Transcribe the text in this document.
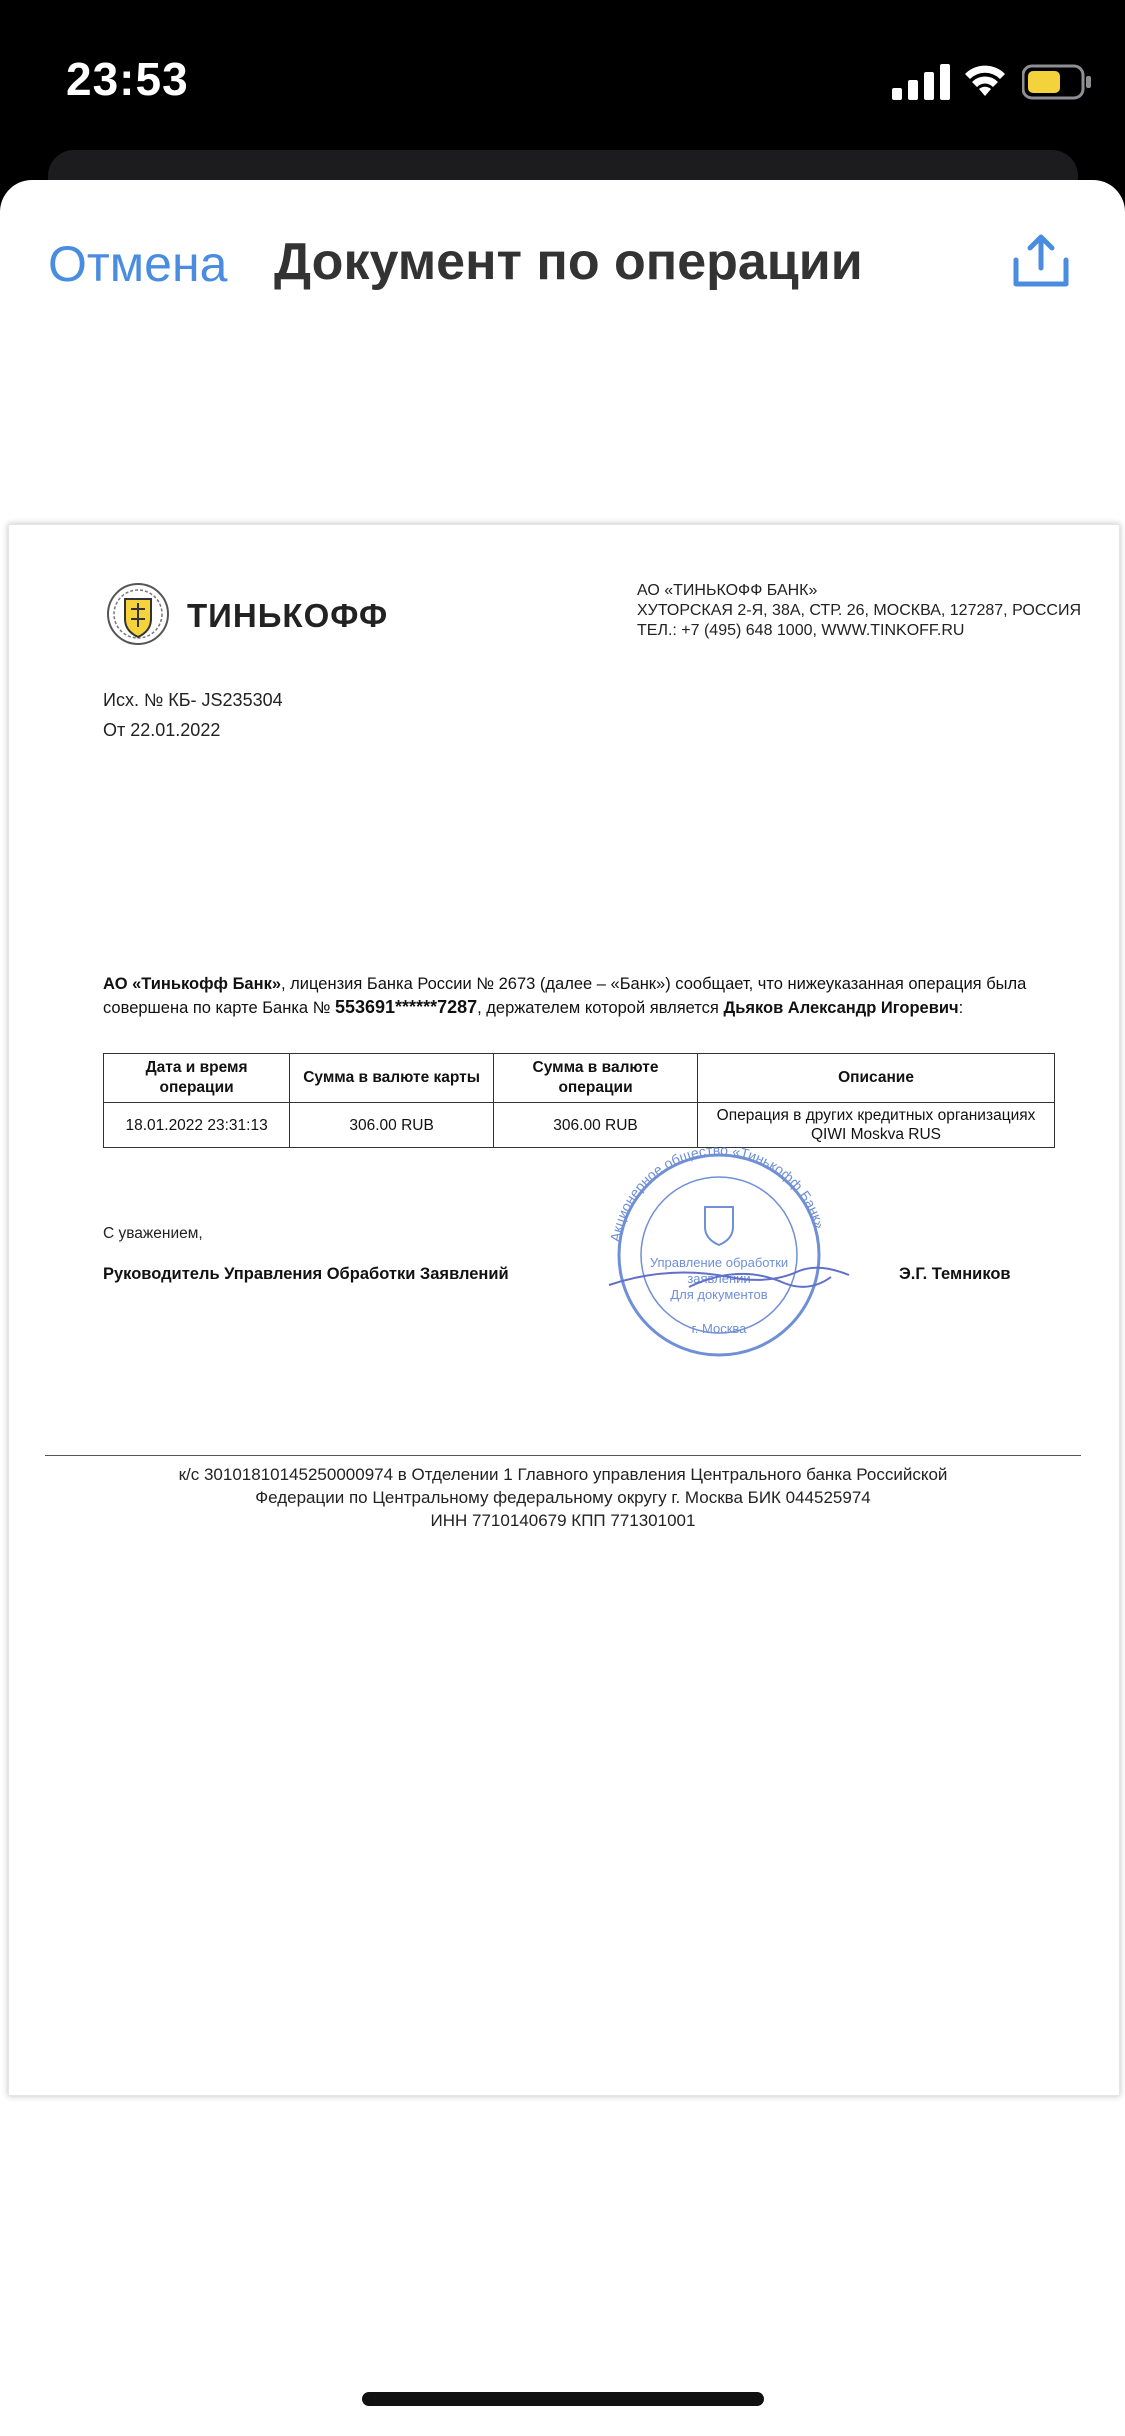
23:53
Отмена Документ по операции
ТИНЬКОФФ
АО «ТИНЬКОФФ БАНК»
ХУТОРСКАЯ 2-Я, 38А, СТР. 26, МОСКВА, 127287, РОССИЯ
ТЕЛ.: +7 (495) 648 1000, WWW.TINKOFF.RU
Исх. № КБ- JS235304
От 22.01.2022
АО «Тинькофф Банк», лицензия Банка России № 2673 (далее – «Банк») сообщает, что нижеуказанная операция была совершена по карте Банка № 553691******7287, держателем которой является Дьяков Александр Игоревич:
Дата и время операции	Сумма в валюте карты	Сумма в валюте операции	Описание
18.01.2022 23:31:13	306.00 RUB	306.00 RUB	Операция в других кредитных организациях QIWI Moskva RUS
С уважением,
Руководитель Управления Обработки Заявлений	Э.Г. Темников
Акционерное общество «Тинькофф Банк»
Управление обработки
заявлений
Для документов
г. Москва
к/с 30101810145250000974 в Отделении 1 Главного управления Центрального банка Российской
Федерации по Центральному федеральному округу г. Москва БИК 044525974
ИНН 7710140679 КПП 771301001
